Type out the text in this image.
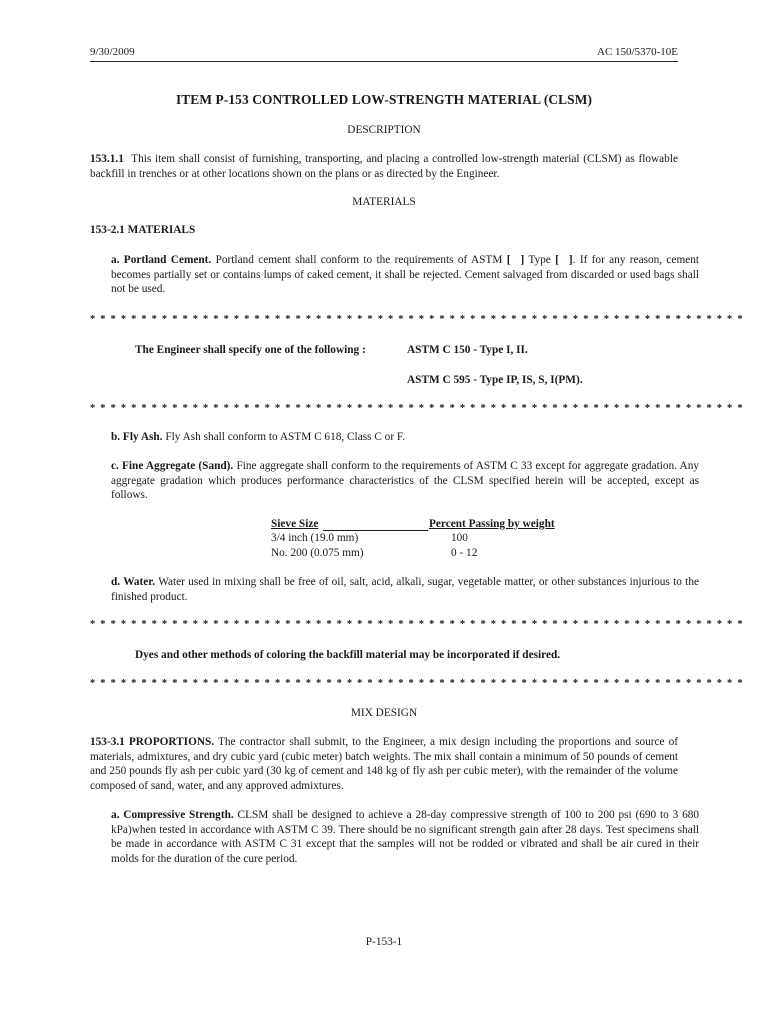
9/30/2009	AC 150/5370-10E
ITEM P-153 CONTROLLED LOW-STRENGTH MATERIAL (CLSM)
DESCRIPTION
153.1.1 This item shall consist of furnishing, transporting, and placing a controlled low-strength material (CLSM) as flowable backfill in trenches or at other locations shown on the plans or as directed by the Engineer.
MATERIALS
153-2.1 MATERIALS
a. Portland Cement. Portland cement shall conform to the requirements of ASTM [ ] Type [ ]. If for any reason, cement becomes partially set or contains lumps of caked cement, it shall be rejected. Cement salvaged from discarded or used bags shall not be used.
* * * * * * * * * * * * * * * * * * * * * * * * * * * * * * * * * * * * * * * * * * * * * * * * * * * * * * * * * * * * * * * *
The Engineer shall specify one of the following :	ASTM C 150 - Type I, II.
ASTM C 595 - Type IP, IS, S, I(PM).
* * * * * * * * * * * * * * * * * * * * * * * * * * * * * * * * * * * * * * * * * * * * * * * * * * * * * * * * * * * * * * * *
b. Fly Ash. Fly Ash shall conform to ASTM C 618, Class C or F.
c. Fine Aggregate (Sand). Fine aggregate shall conform to the requirements of ASTM C 33 except for aggregate gradation. Any aggregate gradation which produces performance characteristics of the CLSM specified herein will be accepted, except as follows.
Sieve Size	Percent Passing by weight
3/4 inch (19.0 mm)	100
No. 200 (0.075 mm)	0 - 12
d. Water. Water used in mixing shall be free of oil, salt, acid, alkali, sugar, vegetable matter, or other substances injurious to the finished product.
* * * * * * * * * * * * * * * * * * * * * * * * * * * * * * * * * * * * * * * * * * * * * * * * * * * * * * * * * * * * * * * *
Dyes and other methods of coloring the backfill material may be incorporated if desired.
* * * * * * * * * * * * * * * * * * * * * * * * * * * * * * * * * * * * * * * * * * * * * * * * * * * * * * * * * * * * * * * *
MIX DESIGN
153-3.1 PROPORTIONS. The contractor shall submit, to the Engineer, a mix design including the proportions and source of materials, admixtures, and dry cubic yard (cubic meter) batch weights. The mix shall contain a minimum of 50 pounds of cement and 250 pounds fly ash per cubic yard (30 kg of cement and 148 kg of fly ash per cubic meter), with the remainder of the volume composed of sand, water, and any approved admixtures.
a. Compressive Strength. CLSM shall be designed to achieve a 28-day compressive strength of 100 to 200 psi (690 to 3 680 kPa)when tested in accordance with ASTM C 39. There should be no significant strength gain after 28 days. Test specimens shall be made in accordance with ASTM C 31 except that the samples will not be rodded or vibrated and shall be air cured in their molds for the duration of the cure period.
P-153-1
